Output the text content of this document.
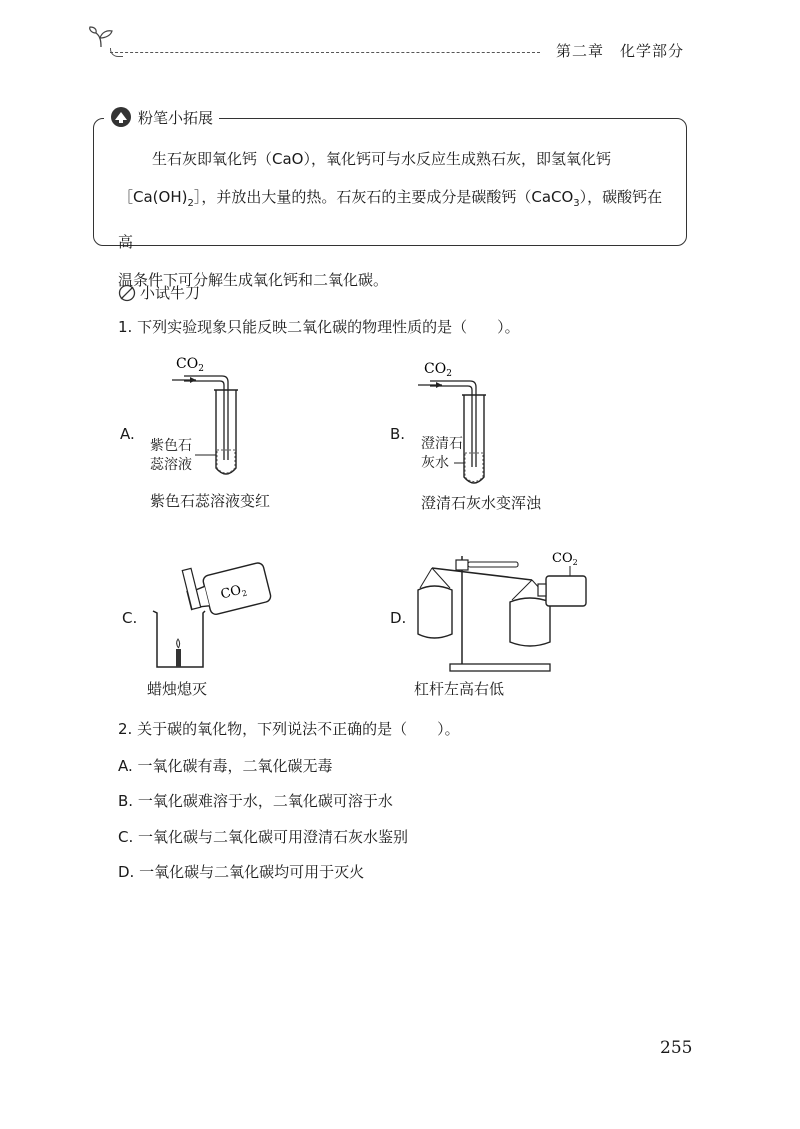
第二章　化学部分
粉笔小拓展
生石灰即氧化钙（CaO），氧化钙可与水反应生成熟石灰，即氢氧化钙
$[Ca(OH)_2]$，并放出大量的热。石灰石的主要成分是碳酸钙（CaCO$_3$），碳酸钙在高
温条件下可分解生成氧化钙和二氧化碳。
小试牛刀
1. 下列实验现象只能反映二氧化碳的物理性质的是（　　）。
A.
$CO_2$
紫色石
蕊溶液
紫色石蕊溶液变红
B.
$CO_2$
澄清石
灰水
澄清石灰水变浑浊
C.
$CO_2$
蜡烛熄灭
D.
$CO_2$
杠杆左高右低
2. 关于碳的氧化物，下列说法不正确的是（　　）。
A. 一氧化碳有毒，二氧化碳无毒
B. 一氧化碳难溶于水，二氧化碳可溶于水
C. 一氧化碳与二氧化碳可用澄清石灰水鉴别
D. 一氧化碳与二氧化碳均可用于灭火
255
